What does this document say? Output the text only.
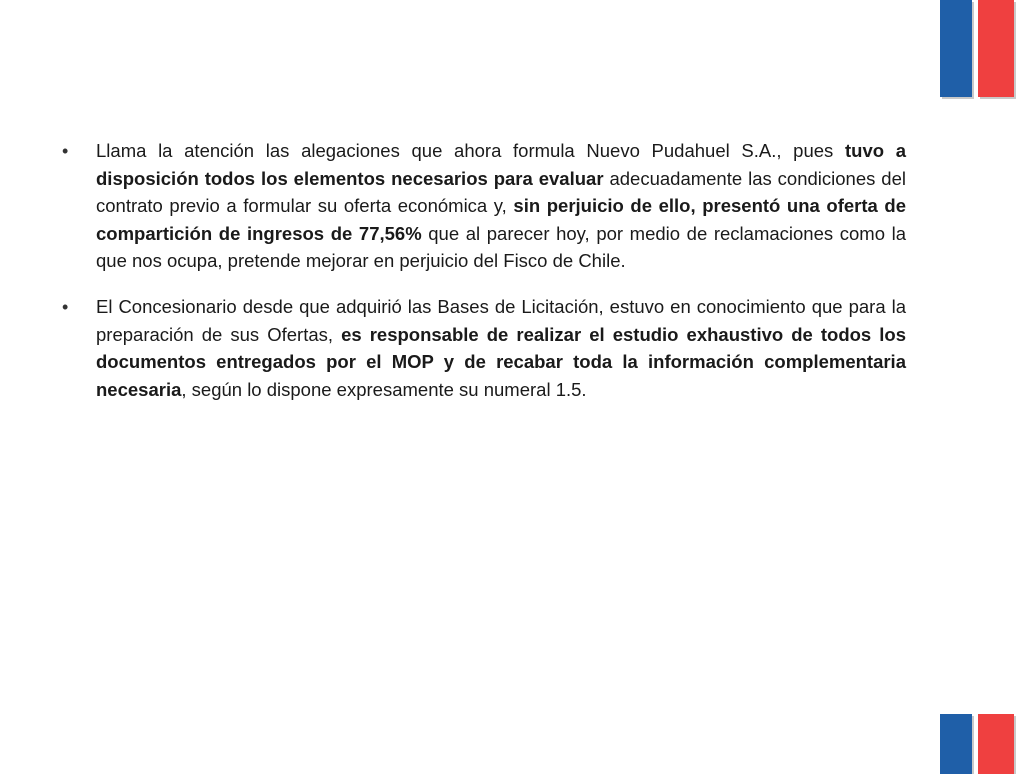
•	Llama la atención las alegaciones que ahora formula Nuevo Pudahuel S.A., pues tuvo a disposición todos los elementos necesarios para evaluar adecuadamente las condiciones del contrato previo a formular su oferta económica y, sin perjuicio de ello, presentó una oferta de compartición de ingresos de 77,56% que al parecer hoy, por medio de reclamaciones como la que nos ocupa, pretende mejorar en perjuicio del Fisco de Chile.
•	El Concesionario desde que adquirió las Bases de Licitación, estuvo en conocimiento que para la preparación de sus Ofertas, es responsable de realizar el estudio exhaustivo de todos los documentos entregados por el MOP y de recabar toda la información complementaria necesaria, según lo dispone expresamente su numeral 1.5.
